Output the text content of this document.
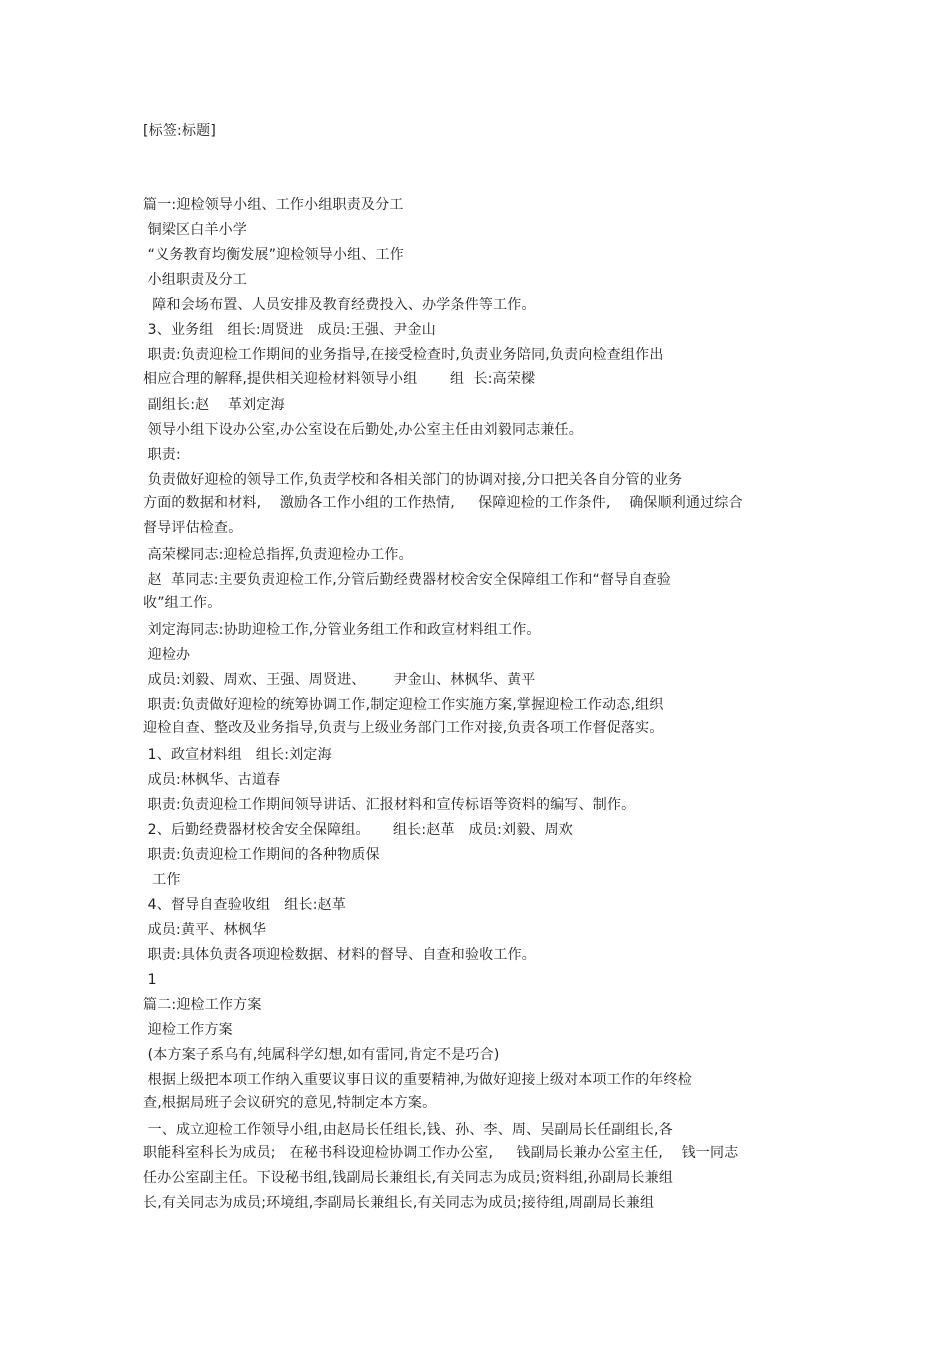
[标签:标题]
篇一:迎检领导小组、工作小组职责及分工
铜梁区白羊小学
“义务教育均衡发展”迎检领导小组、工作
小组职责及分工
障和会场布置、人员安排及教育经费投入、办学条件等工作。
3、业务组   组长:周贤进   成员:王强、尹金山
职责:负责迎检工作期间的业务指导,在接受检查时,负责业务陪同,负责向检查组作出
相应合理的解释,提供相关迎检材料领导小组       组  长:高荣樑
副组长:赵    革刘定海
领导小组下设办公室,办公室设在后勤处,办公室主任由刘毅同志兼任。
职责:
负责做好迎检的领导工作,负责学校和各相关部门的协调对接,分口把关各自分管的业务
方面的数据和材料,    激励各工作小组的工作热情,     保障迎检的工作条件,    确保顺利通过综合
督导评估检查。
高荣樑同志:迎检总指挥,负责迎检办工作。
赵  革同志:主要负责迎检工作,分管后勤经费器材校舍安全保障组工作和“督导自查验
收”组工作。
刘定海同志:协助迎检工作,分管业务组工作和政宣材料组工作。
迎检办
成员:刘毅、周欢、王强、周贤进、      尹金山、林枫华、黄平
职责:负责做好迎检的统筹协调工作,制定迎检工作实施方案,掌握迎检工作动态,组织
迎检自查、整改及业务指导,负责与上级业务部门工作对接,负责各项工作督促落实。
1、政宣材料组   组长:刘定海
成员:林枫华、古道春
职责:负责迎检工作期间领导讲话、汇报材料和宣传标语等资料的编写、制作。
2、后勤经费器材校舍安全保障组。     组长:赵革   成员:刘毅、周欢
职责:负责迎检工作期间的各种物质保
工作
4、督导自查验收组   组长:赵革
成员:黄平、林枫华
职责:具体负责各项迎检数据、材料的督导、自查和验收工作。
1
篇二:迎检工作方案
迎检工作方案
(本方案子系乌有,纯属科学幻想,如有雷同,肯定不是巧合)
根据上级把本项工作纳入重要议事日议的重要精神,为做好迎接上级对本项工作的年终检
查,根据局班子会议研究的意见,特制定本方案。
一、成立迎检工作领导小组,由赵局长任组长,钱、孙、李、周、吴副局长任副组长,各
职能科室科长为成员;   在秘书科设迎检协调工作办公室,     钱副局长兼办公室主任,    钱一同志
任办公室副主任。下设秘书组,钱副局长兼组长,有关同志为成员;资料组,孙副局长兼组
长,有关同志为成员;环境组,李副局长兼组长,有关同志为成员;接待组,周副局长兼组
